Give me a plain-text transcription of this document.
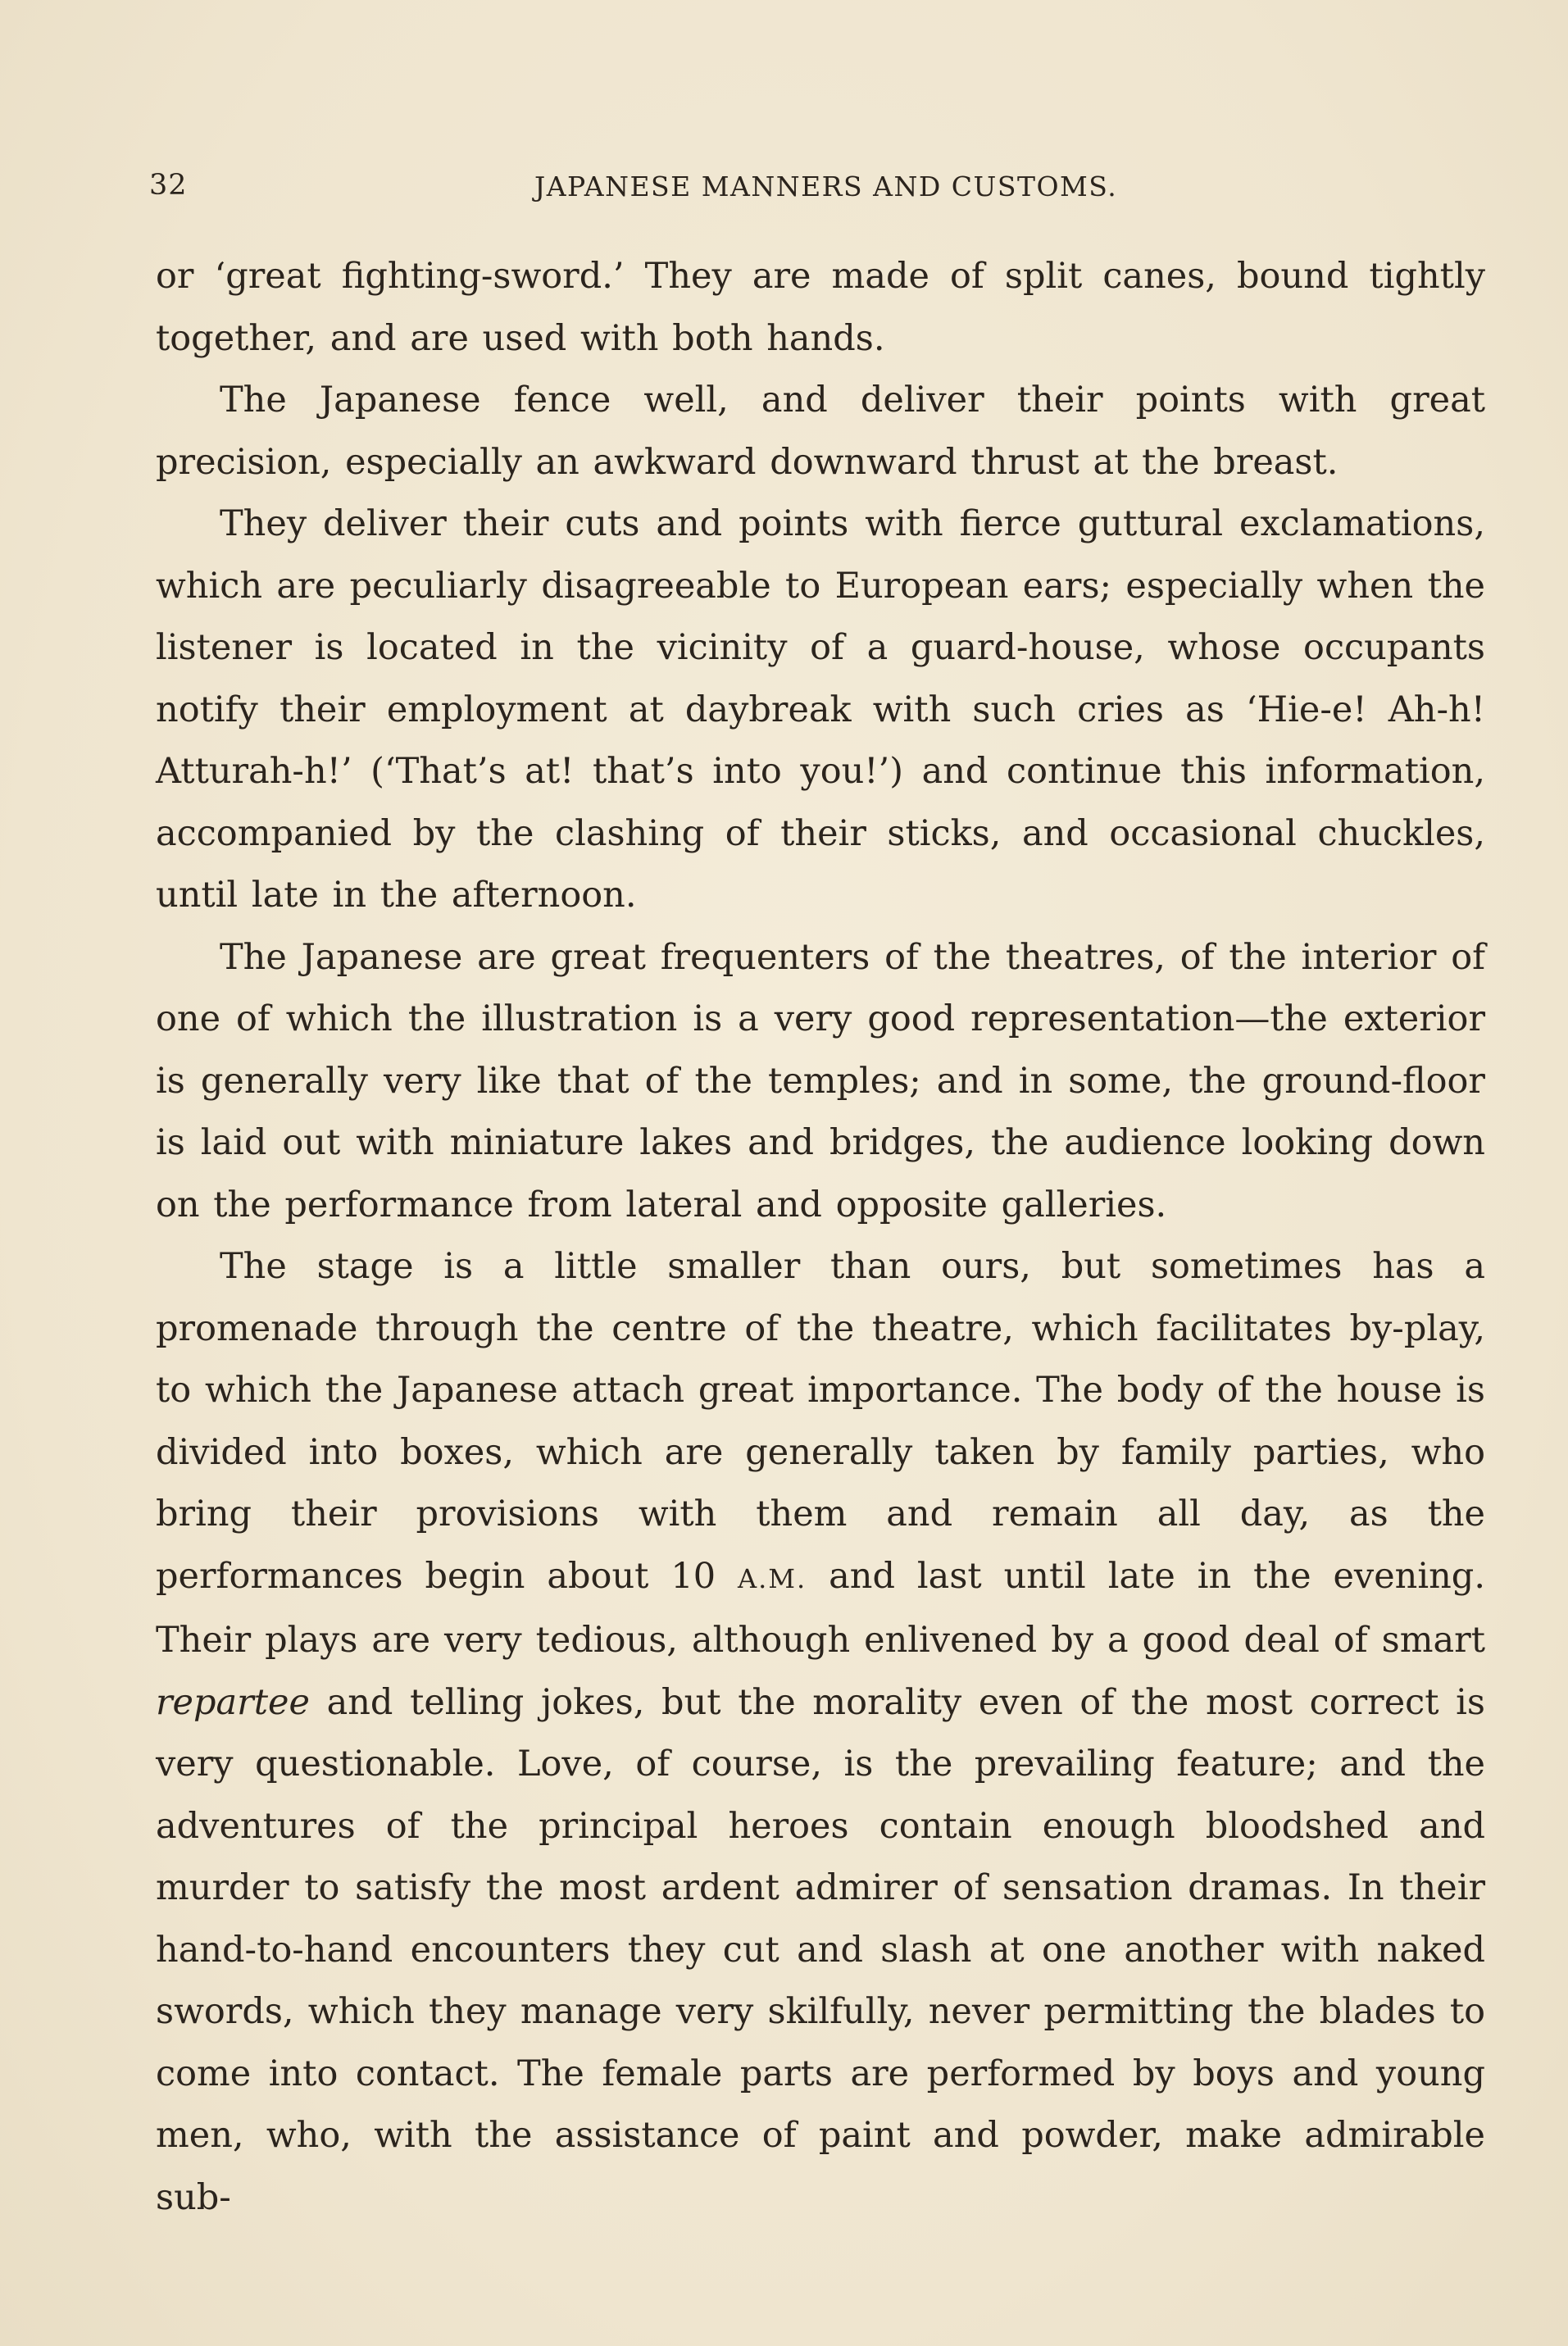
32	JAPANESE MANNERS AND CUSTOMS.

or ‘great fighting-sword.’ They are made of split canes, bound tightly together, and are used with both hands.

The Japanese fence well, and deliver their points with great precision, especially an awkward downward thrust at the breast.

They deliver their cuts and points with fierce guttural exclamations, which are peculiarly disagreeable to European ears; especially when the listener is located in the vicinity of a guard-house, whose occupants notify their employment at daybreak with such cries as ‘Hie-e! Ah-h! Atturah-h!’ (‘That’s at! that’s into you!’) and continue this information, accompanied by the clashing of their sticks, and occasional chuckles, until late in the afternoon.

The Japanese are great frequenters of the theatres, of the interior of one of which the illustration is a very good representation—the exterior is generally very like that of the temples; and in some, the ground-floor is laid out with miniature lakes and bridges, the audience looking down on the performance from lateral and opposite galleries.

The stage is a little smaller than ours, but sometimes has a promenade through the centre of the theatre, which facilitates by-play, to which the Japanese attach great importance. The body of the house is divided into boxes, which are generally taken by family parties, who bring their provisions with them and remain all day, as the performances begin about 10 A.M. and last until late in the evening. Their plays are very tedious, although enlivened by a good deal of smart repartee and telling jokes, but the morality even of the most correct is very questionable. Love, of course, is the prevailing feature; and the adventures of the principal heroes contain enough bloodshed and murder to satisfy the most ardent admirer of sensation dramas. In their hand-to-hand encounters they cut and slash at one another with naked swords, which they manage very skilfully, never permitting the blades to come into contact. The female parts are performed by boys and young men, who, with the assistance of paint and powder, make admirable sub-
